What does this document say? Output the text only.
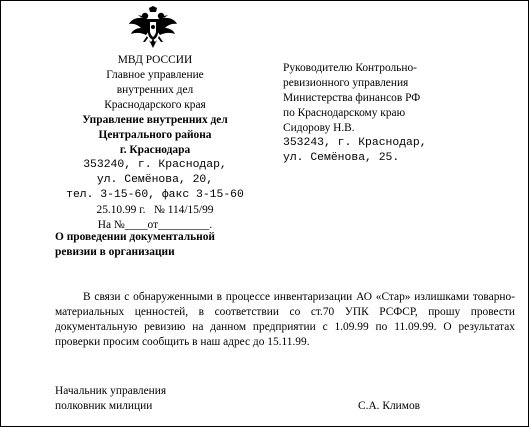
МВД РОССИИ
Главное управление
внутренних дел
Краснодарского края
Управление внутренних дел
Центрального района
г. Краснодара
353240, г. Краснодар,
ул. Семёнова, 20,
тел. 3-15-60, факс 3-15-60
25.10.99 г.   № 114/15/99
На №____от_________.
Руководителю Контрольно-
ревизионного управления
Министерства финансов РФ
по Краснодарскому краю
Сидорову Н.В.
353243, г. Краснодар,
ул. Семёнова, 25.
О проведении документальной
ревизии в организации
В связи с обнаруженными в процессе инвентаризации АО «Стар» излишками товарно-материальных ценностей, в соответствии со ст.70 УПК РСФСР, прошу провести документальную ревизию на данном предприятии с 1.09.99 по 11.09.99. О результатах проверки просим сообщить в наш адрес до 15.11.99.
Начальник управления
полковник милиции	С.А. Климов
